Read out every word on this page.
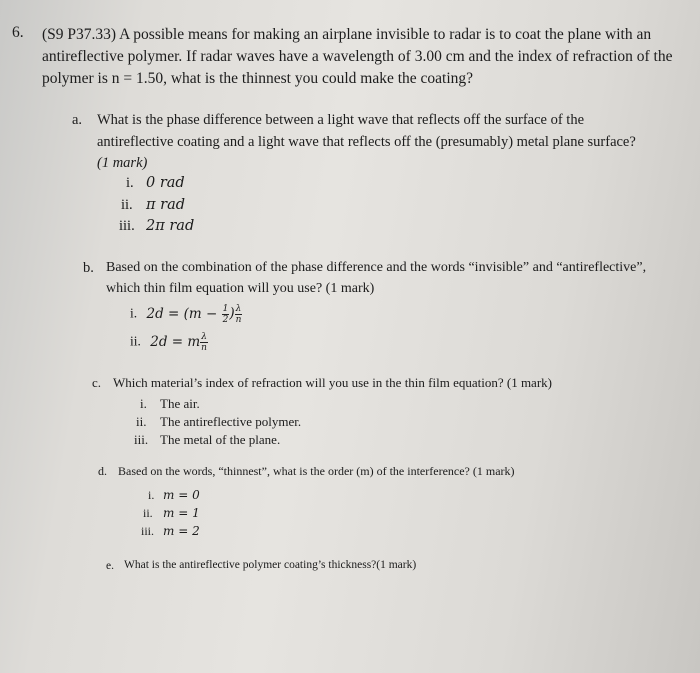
6. (S9 P37.33) A possible means for making an airplane invisible to radar is to coat the plane with an
antireflective polymer. If radar waves have a wavelength of 3.00 cm and the index of refraction of the
polymer is n = 1.50, what is the thinnest you could make the coating?
a. What is the phase difference between a light wave that reflects off the surface of the
antireflective coating and a light wave that reflects off the (presumably) metal plane surface?
(1 mark)
i. 0 rad
ii. π rad
iii. 2π rad
b. Based on the combination of the phase difference and the words “invisible” and “antireflective”,
which thin film equation will you use? (1 mark)
i. $2d = (m - \frac{1}{2}$ ) $\frac{\lambda}{n}$
ii. 2d = m $\frac{\lambda}{n}$
c. Which material’s index of refraction will you use in the thin film equation? (1 mark)
i. The air.
ii. The antireflective polymer.
iii. The metal of the plane.
d. Based on the words, “thinnest”, what is the order (m) of the interference? (1 mark)
i. m = 0
ii. m = 1
iii. m = 2
e. What is the antireflective polymer coating’s thickness?(1 mark)
